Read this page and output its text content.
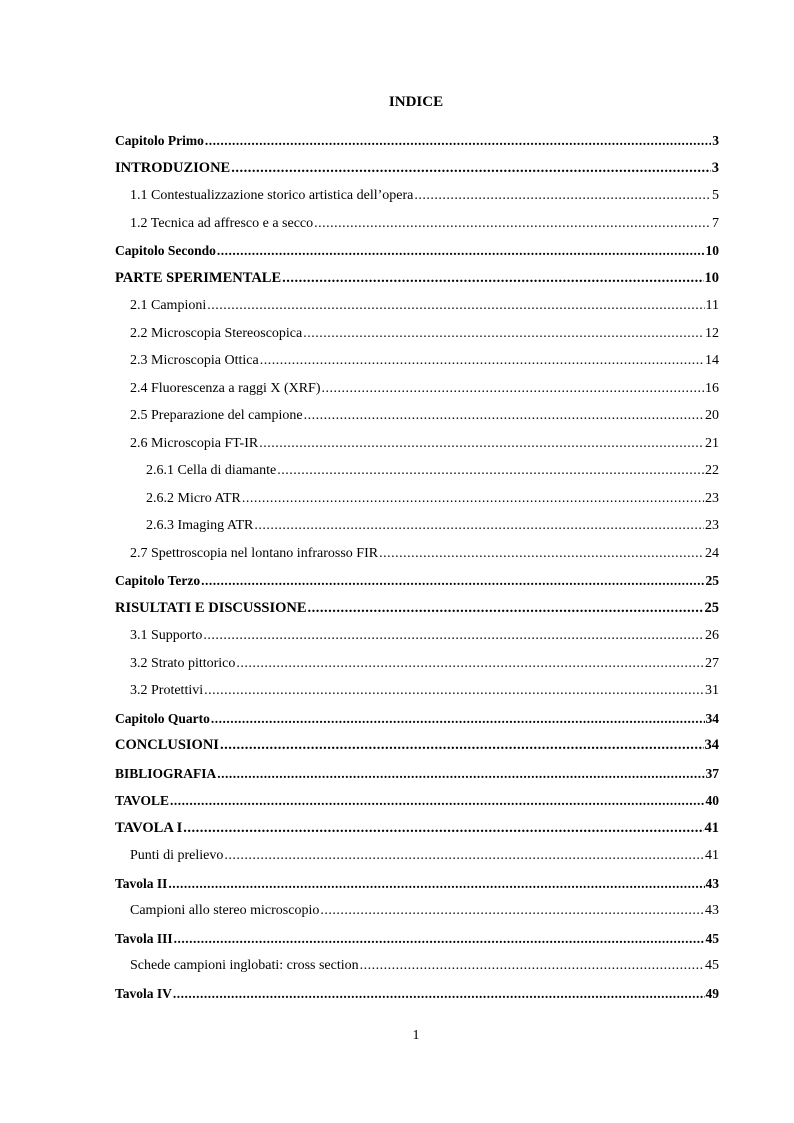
INDICE
Capitolo Primo .....	3
INTRODUZIONE .....	3
1.1 Contestualizzazione storico artistica dell’opera .....	5
1.2 Tecnica ad affresco e a secco .....	7
Capitolo Secondo .....	10
PARTE SPERIMENTALE .....	10
2.1 Campioni .....	11
2.2 Microscopia Stereoscopica .....	12
2.3 Microscopia Ottica .....	14
2.4 Fluorescenza a raggi X (XRF) .....	16
2.5 Preparazione del campione .....	20
2.6 Microscopia FT-IR .....	21
2.6.1 Cella di diamante .....	22
2.6.2 Micro ATR .....	23
2.6.3 Imaging ATR .....	23
2.7 Spettroscopia nel lontano infrarosso FIR .....	24
Capitolo Terzo .....	25
RISULTATI E DISCUSSIONE .....	25
3.1 Supporto .....	26
3.2 Strato pittorico .....	27
3.2 Protettivi .....	31
Capitolo Quarto .....	34
CONCLUSIONI .....	34
BIBLIOGRAFIA .....	37
TAVOLE .....	40
TAVOLA I .....	41
Punti di prelievo .....	41
Tavola II .....	43
Campioni allo stereo microscopio .....	43
Tavola III .....	45
Schede campioni inglobati: cross section .....	45
Tavola IV .....	49
1
